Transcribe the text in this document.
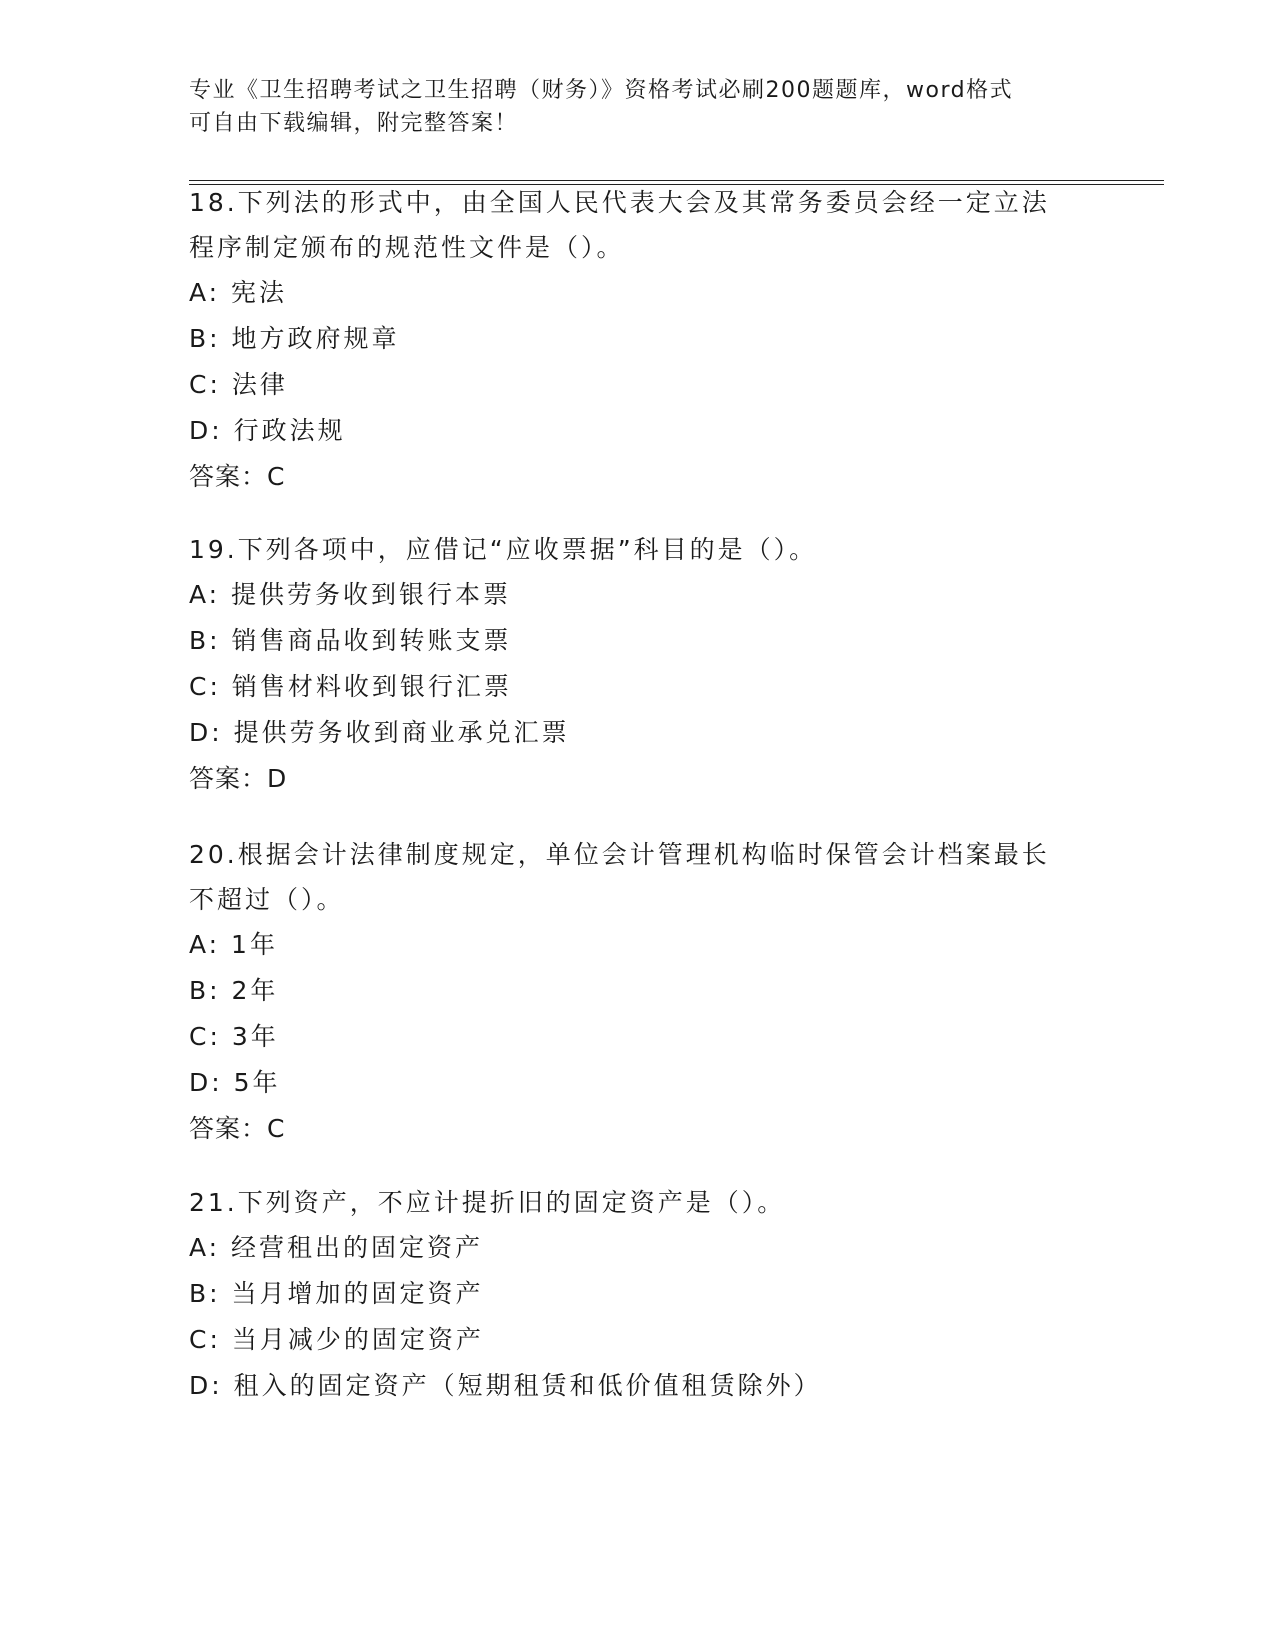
专业《卫生招聘考试之卫生招聘（财务）》资格考试必刷200题题库，word格式
可自由下载编辑，附完整答案！

18.下列法的形式中，由全国人民代表大会及其常务委员会经一定立法

程序制定颁布的规范性文件是（）。

A: 宪法

B: 地方政府规章

C: 法律

D: 行政法规

答案：C

19.下列各项中，应借记“应收票据”科目的是（）。

A: 提供劳务收到银行本票

B: 销售商品收到转账支票

C: 销售材料收到银行汇票

D: 提供劳务收到商业承兑汇票

答案：D

20.根据会计法律制度规定，单位会计管理机构临时保管会计档案最长

不超过（）。

A: 1年

B: 2年

C: 3年

D: 5年

答案：C

21.下列资产，不应计提折旧的固定资产是（）。

A: 经营租出的固定资产

B: 当月增加的固定资产

C: 当月减少的固定资产

D: 租入的固定资产（短期租赁和低价值租赁除外）
